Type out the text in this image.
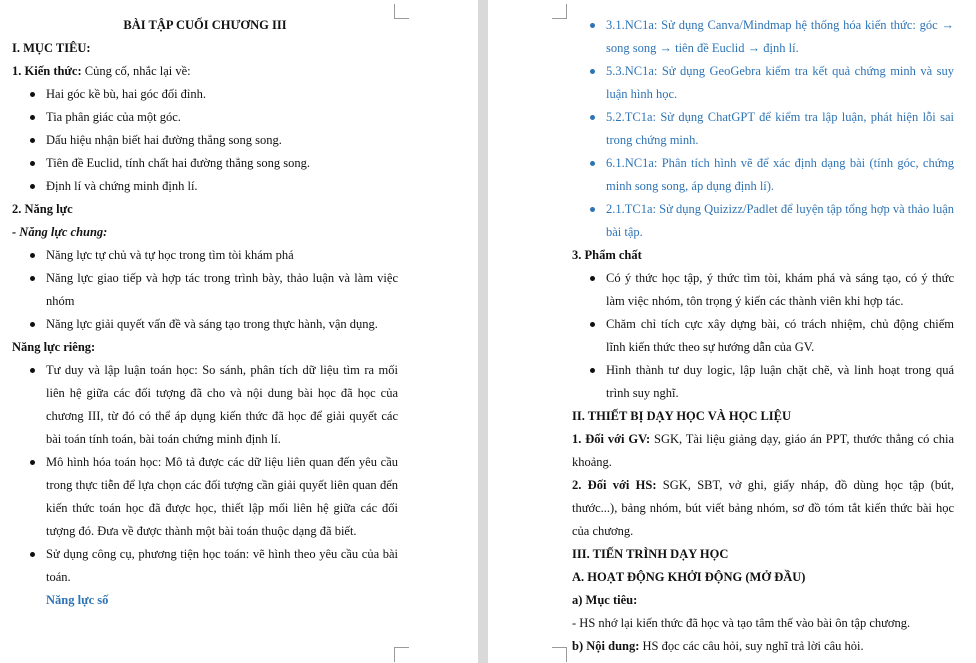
BÀI TẬP CUỐI CHƯƠNG III
I. MỤC TIÊU:
1. Kiến thức: Củng cố, nhắc lại về:
Hai góc kề bù, hai góc đối đỉnh.
Tia phân giác của một góc.
Dấu hiệu nhận biết hai đường thẳng song song.
Tiên đề Euclid, tính chất hai đường thẳng song song.
Định lí và chứng minh định lí.
2. Năng lực
- Năng lực chung:
Năng lực tự chủ và tự học trong tìm tòi khám phá
Năng lực giao tiếp và hợp tác trong trình bày, thảo luận và làm việc nhóm
Năng lực giải quyết vấn đề và sáng tạo trong thực hành, vận dụng.
Năng lực riêng:
Tư duy và lập luận toán học: So sánh, phân tích dữ liệu tìm ra mối liên hệ giữa các đối tượng đã cho và nội dung bài học đã học của chương III, từ đó có thể áp dụng kiến thức đã học để giải quyết các bài toán tính toán, bài toán chứng minh định lí.
Mô hình hóa toán học: Mô tả được các dữ liệu liên quan đến yêu cầu trong thực tiễn để lựa chọn các đối tượng cần giải quyết liên quan đến kiến thức toán học đã được học, thiết lập mối liên hệ giữa các đối tượng đó. Đưa về được thành một bài toán thuộc dạng đã biết.
Sử dụng công cụ, phương tiện học toán: vẽ hình theo yêu cầu của bài toán.
Năng lực số
3.1.NC1a: Sử dụng Canva/Mindmap hệ thống hóa kiến thức: góc → song song → tiên đề Euclid → định lí.
5.3.NC1a: Sử dụng GeoGebra kiểm tra kết quả chứng minh và suy luận hình học.
5.2.TC1a: Sử dụng ChatGPT để kiểm tra lập luận, phát hiện lỗi sai trong chứng minh.
6.1.NC1a: Phân tích hình vẽ để xác định dạng bài (tính góc, chứng minh song song, áp dụng định lí).
2.1.TC1a: Sử dụng Quizizz/Padlet để luyện tập tổng hợp và thảo luận bài tập.
3. Phẩm chất
Có ý thức học tập, ý thức tìm tòi, khám phá và sáng tạo, có ý thức làm việc nhóm, tôn trọng ý kiến các thành viên khi hợp tác.
Chăm chỉ tích cực xây dựng bài, có trách nhiệm, chủ động chiếm lĩnh kiến thức theo sự hướng dẫn của GV.
Hình thành tư duy logic, lập luận chặt chẽ, và linh hoạt trong quá trình suy nghĩ.
II. THIẾT BỊ DẠY HỌC VÀ HỌC LIỆU
1. Đối với GV: SGK, Tài liệu giảng dạy, giáo án PPT, thước thẳng có chia khoảng.
2. Đối với HS: SGK, SBT, vở ghi, giấy nháp, đồ dùng học tập (bút, thước...), bảng nhóm, bút viết bảng nhóm, sơ đồ tóm tắt kiến thức bài học của chương.
III. TIẾN TRÌNH DẠY HỌC
A. HOẠT ĐỘNG KHỞI ĐỘNG (MỞ ĐẦU)
a) Mục tiêu:
- HS nhớ lại kiến thức đã học và tạo tâm thế vào bài ôn tập chương.
b) Nội dung: HS đọc các câu hỏi, suy nghĩ trả lời câu hỏi.
